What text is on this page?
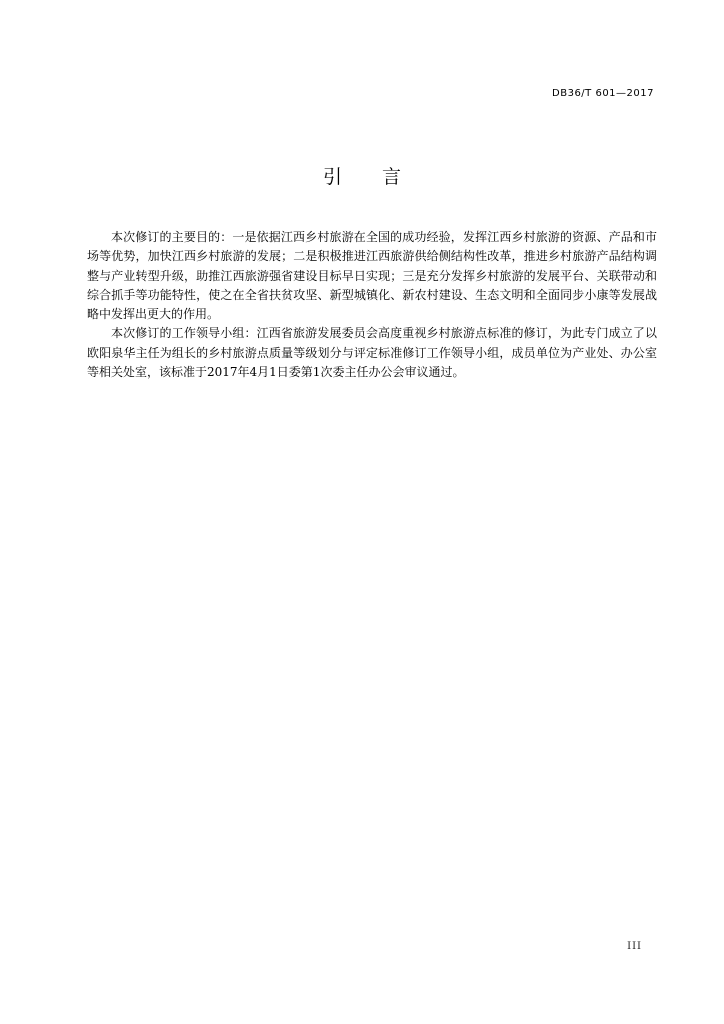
DB36/T 601—2017
引 言

本次修订的主要目的：一是依据江西乡村旅游在全国的成功经验，发挥江西乡村旅游的资源、产品和市场等优势，加快江西乡村旅游的发展；二是积极推进江西旅游供给侧结构性改革，推进乡村旅游产品结构调整与产业转型升级，助推江西旅游强省建设目标早日实现；三是充分发挥乡村旅游的发展平台、关联带动和综合抓手等功能特性，使之在全省扶贫攻坚、新型城镇化、新农村建设、生态文明和全面同步小康等发展战略中发挥出更大的作用。

本次修订的工作领导小组：江西省旅游发展委员会高度重视乡村旅游点标准的修订，为此专门成立了以欧阳泉华主任为组长的乡村旅游点质量等级划分与评定标准修订工作领导小组，成员单位为产业处、办公室等相关处室，该标准于2017年4月1日委第1次委主任办公会审议通过。

III
